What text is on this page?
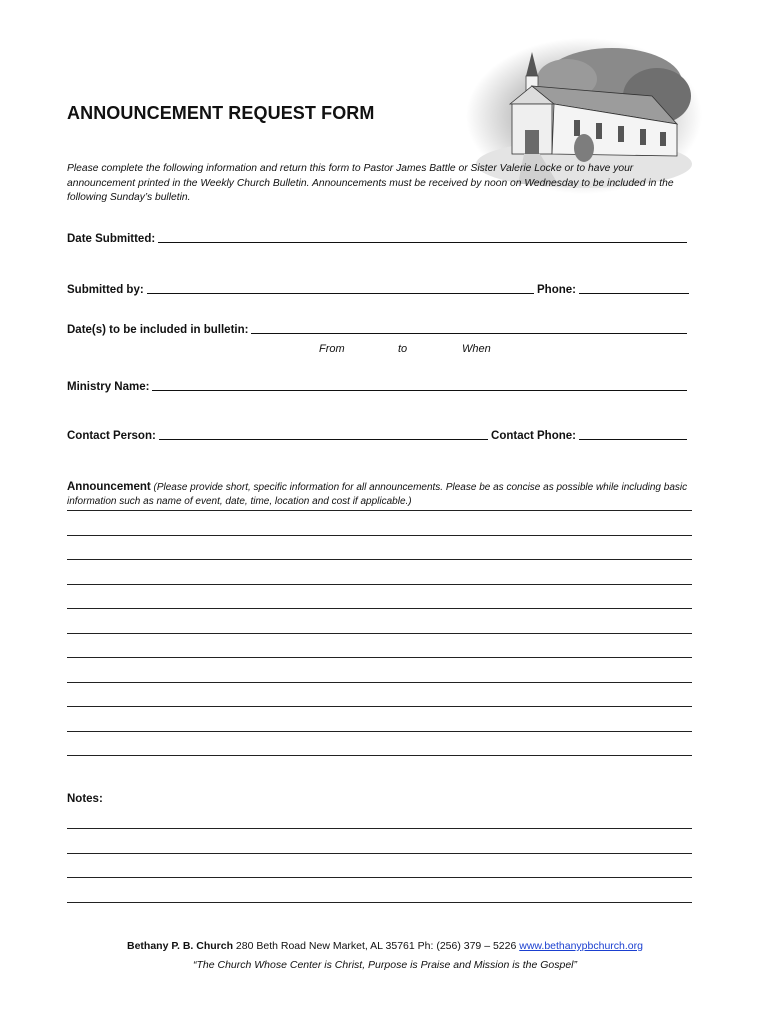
ANNOUNCEMENT REQUEST FORM
Please complete the following information and return this form to Pastor James Battle or Sister Valerie Locke or to have your announcement printed in the Weekly Church Bulletin. Announcements must be received by noon on Wednesday to be included in the following Sunday’s bulletin.
Date Submitted:
Submitted by:	Phone:
Date(s) to be included in bulletin:
From	to	When
Ministry Name:
Contact Person:	Contact Phone:
Announcement (Please provide short, specific information for all announcements. Please be as concise as possible while including basic information such as name of event, date, time, location and cost if applicable.)
Notes:
Bethany P. B. Church 280 Beth Road New Market, AL 35761 Ph: (256) 379 – 5226 www.bethanypbchurch.org
“The Church Whose Center is Christ, Purpose is Praise and Mission is the Gospel”
